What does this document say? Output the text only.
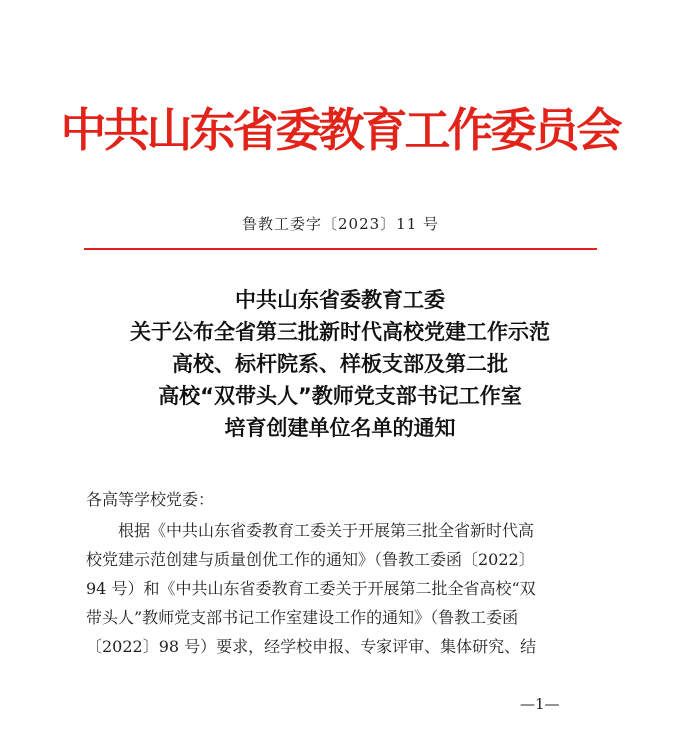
中共山东省委教育工作委员会
鲁教工委字〔2023〕11 号
中共山东省委教育工委
关于公布全省第三批新时代高校党建工作示范
高校、标杆院系、样板支部及第二批
高校“双带头人”教师党支部书记工作室
培育创建单位名单的通知
各高等学校党委：
根据《中共山东省委教育工委关于开展第三批全省新时代高
校党建示范创建与质量创优工作的通知》（鲁教工委函〔2022〕
94 号）和《中共山东省委教育工委关于开展第二批全省高校“双
带头人”教师党支部书记工作室建设工作的通知》（鲁教工委函
〔2022〕98 号）要求，经学校申报、专家评审、集体研究、结
—1—
